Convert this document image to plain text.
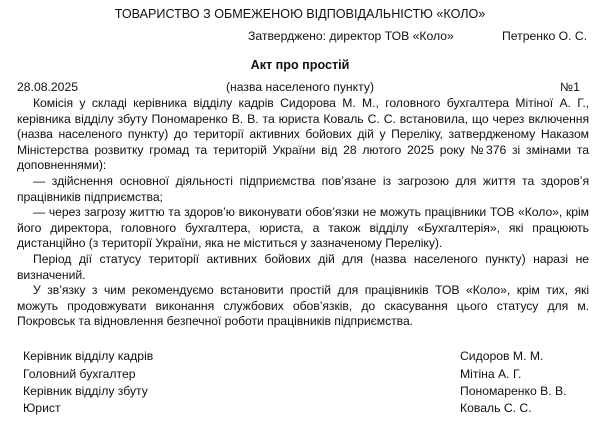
ТОВАРИСТВО З ОБМЕЖЕНОЮ ВІДПОВІДАЛЬНІСТЮ «КОЛО»
Затверджено: директор ТОВ «Коло»	Петренко О. С.
Акт про простій
28.08.2025	(назва населеного пункту)	№1

Комісія у складі керівника відділу кадрів Сидорова М. М., головного бухгалтера Мітіної А. Г., керівника відділу збуту Пономаренко В. В. та юриста Коваль С. С. встановила, що через включення (назва населеного пункту) до території активних бойових дій у Переліку, затвердженому Наказом Міністерства розвитку громад та територій України від 28 лютого 2025 року №376 зі змінами та доповненнями):

— здійснення основної діяльності підприємства пов’язане із загрозою для життя та здоров’я працівників підприємства;

— через загрозу життю та здоров’ю виконувати обов’язки не можуть працівники ТОВ «Коло», крім його директора, головного бухгалтера, юриста, а також відділу «Бухгалтерія», які працюють дистанційно (з території України, яка не міститься у зазначеному Переліку).

Період дії статусу території активних бойових дій для (назва населеного пункту) наразі не визначений.

У зв’язку з чим рекомендуємо встановити простій для працівників ТОВ «Коло», крім тих, які можуть продовжувати виконання службових обов’язків, до скасування цього статусу для м. Покровськ та відновлення безпечної роботи працівників підприємства.

Керівник відділу кадрів	Сидоров М. М.
Головний бухгалтер	Мітіна А. Г.
Керівник відділу збуту	Пономаренко В. В.
Юрист	Коваль С. С.
